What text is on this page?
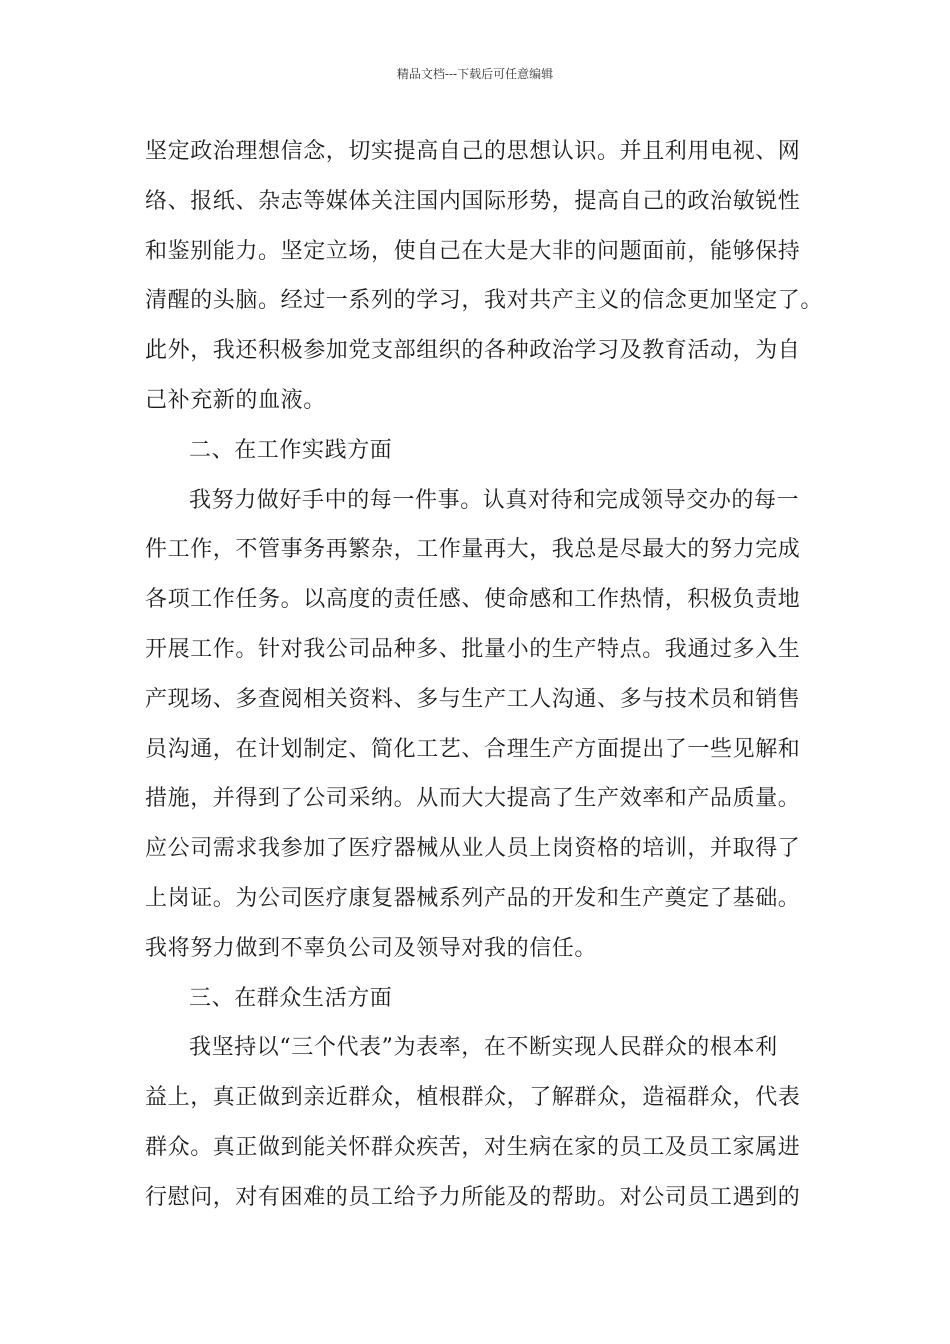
精品文档---下载后可任意编辑
坚定政治理想信念，切实提高自己的思想认识。并且利用电视、网
络、报纸、杂志等媒体关注国内国际形势，提高自己的政治敏锐性
和鉴别能力。坚定立场，使自己在大是大非的问题面前，能够保持
清醒的头脑。经过一系列的学习，我对共产主义的信念更加坚定了。
此外，我还积极参加党支部组织的各种政治学习及教育活动，为自
己补充新的血液。
二、在工作实践方面
我努力做好手中的每一件事。认真对待和完成领导交办的每一
件工作，不管事务再繁杂，工作量再大，我总是尽最大的努力完成
各项工作任务。以高度的责任感、使命感和工作热情，积极负责地
开展工作。针对我公司品种多、批量小的生产特点。我通过多入生
产现场、多查阅相关资料、多与生产工人沟通、多与技术员和销售
员沟通，在计划制定、简化工艺、合理生产方面提出了一些见解和
措施，并得到了公司采纳。从而大大提高了生产效率和产品质量。
应公司需求我参加了医疗器械从业人员上岗资格的培训，并取得了
上岗证。为公司医疗康复器械系列产品的开发和生产奠定了基础。
我将努力做到不辜负公司及领导对我的信任。
三、在群众生活方面
我坚持以“三个代表”为表率，在不断实现人民群众的根本利
益上，真正做到亲近群众，植根群众，了解群众，造福群众，代表
群众。真正做到能关怀群众疾苦，对生病在家的员工及员工家属进
行慰问，对有困难的员工给予力所能及的帮助。对公司员工遇到的
